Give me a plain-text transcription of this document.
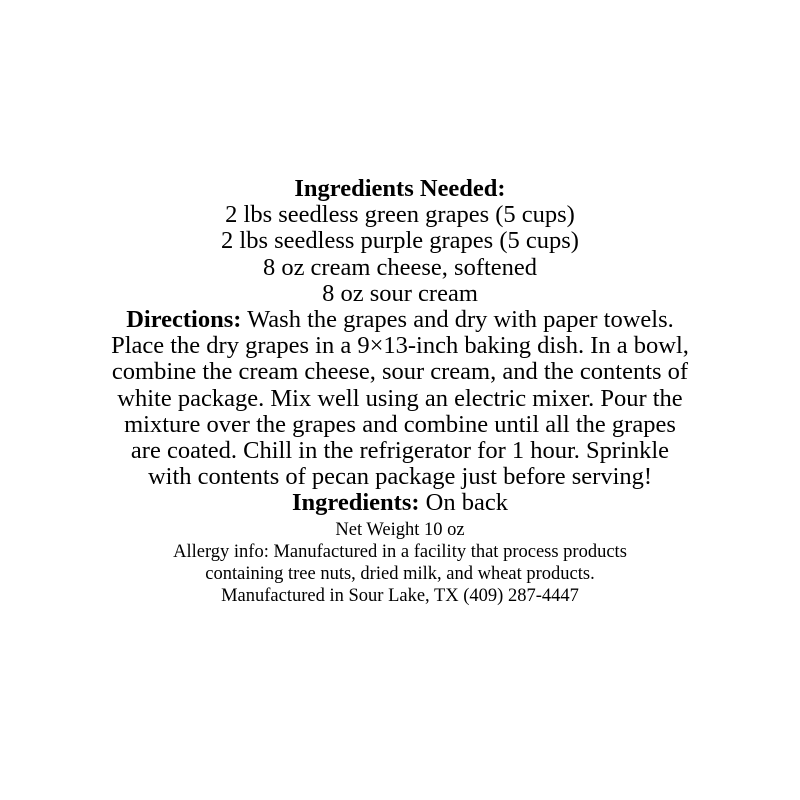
Ingredients Needed:

2 lbs seedless green grapes (5 cups)

2 lbs seedless purple grapes (5 cups)

8 oz cream cheese, softened

8 oz sour cream

Directions: Wash the grapes and dry with paper towels.

Place the dry grapes in a 9×13-inch baking dish. In a bowl,

combine the cream cheese, sour cream, and the contents of

white package. Mix well using an electric mixer. Pour the

mixture over the grapes and combine until all the grapes

are coated. Chill in the refrigerator for 1 hour. Sprinkle

with contents of pecan package just before serving!

Ingredients: On back

Net Weight 10 oz

Allergy info: Manufactured in a facility that process products

containing tree nuts, dried milk, and wheat products.

Manufactured in Sour Lake, TX (409) 287-4447
